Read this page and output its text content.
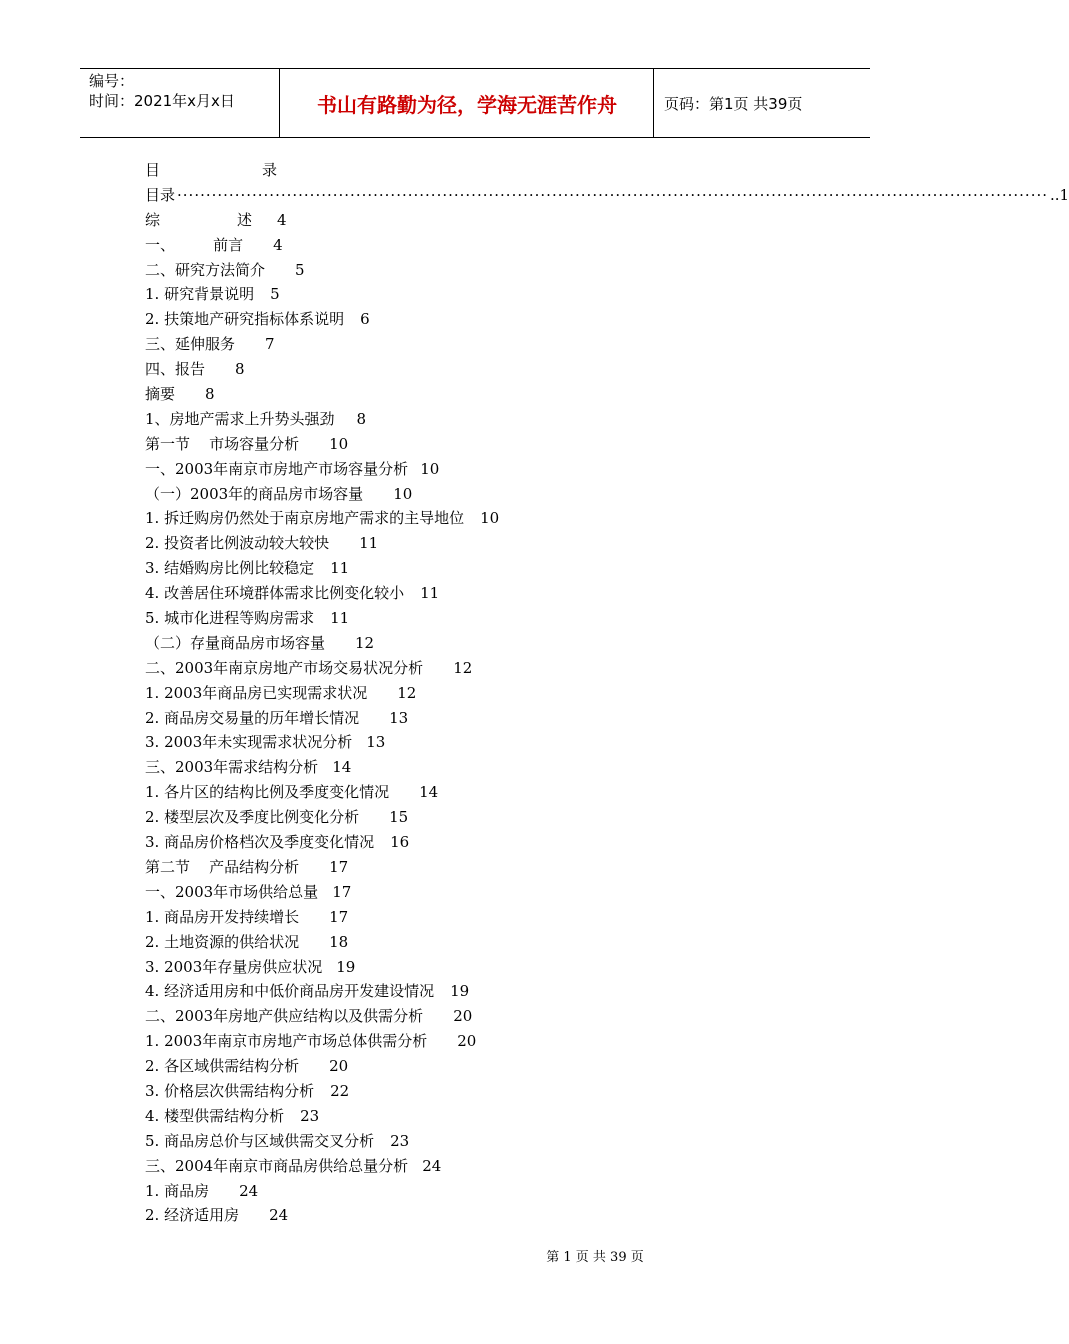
编号：
时间：2021年x月x日	书山有路勤为径，学海无涯苦作舟	页码：第1页 共39页
目	录
目录 ······················································································································································· ..1
综	述 4
一、        前言 4
二、研究方法简介 5
1. 研究背景说明 5
2. 扶策地产研究指标体系说明 6
三、延伸服务 7
四、报告 8
摘要 8
1、房地产需求上升势头强劲 8
第一节    市场容量分析 10
一、2003年南京市房地产市场容量分析 10
（一）2003年的商品房市场容量 10
1. 拆迁购房仍然处于南京房地产需求的主导地位 10
2. 投资者比例波动较大较快 11
3. 结婚购房比例比较稳定 11
4. 改善居住环境群体需求比例变化较小 11
5. 城市化进程等购房需求 11
（二）存量商品房市场容量 12
二、2003年南京房地产市场交易状况分析 12
1. 2003年商品房已实现需求状况 12
2. 商品房交易量的历年增长情况 13
3. 2003年未实现需求状况分析 13
三、2003年需求结构分析 14
1. 各片区的结构比例及季度变化情况 14
2. 楼型层次及季度比例变化分析 15
3. 商品房价格档次及季度变化情况 16
第二节    产品结构分析 17
一、2003年市场供给总量 17
1. 商品房开发持续增长 17
2. 土地资源的供给状况 18
3. 2003年存量房供应状况 19
4. 经济适用房和中低价商品房开发建设情况 19
二、2003年房地产供应结构以及供需分析 20
1. 2003年南京市房地产市场总体供需分析 20
2. 各区域供需结构分析 20
3. 价格层次供需结构分析 22
4. 楼型供需结构分析 23
5. 商品房总价与区域供需交叉分析 23
三、2004年南京市商品房供给总量分析 24
1. 商品房 24
2. 经济适用房 24
第 1 页 共 39 页
